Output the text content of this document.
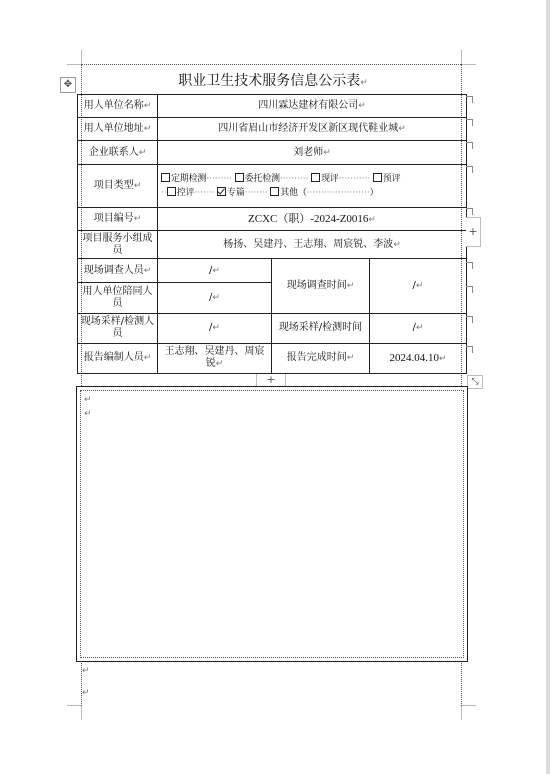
✥	职业卫生技术服务信息公示表↵
用人单位名称↵	四川霖达建材有限公司↵		
用人单位地址↵	四川省眉山市经济开发区新区现代鞋业城↵		
企业联系人↵	刘老师↵		
项目类型↵	定期检测········· 委托检测·········· 现评··········· 预评
·· 控评······· 专篇········ 其他（······················）		

项目编号↵	ZCXC（职）-2024-Z0016↵		
项目服务小组成员	杨扬、吴建丹、王志翔、周宸锐、李波↵		
现场调查人员↵	/↵	现场调查时间↵	/↵
用人单位陪同人员	/↵		
现场采样/检测人员	/↵	现场采样/检测时间	/↵
报告编制人员↵	王志翔、吴建丹、周宸锐↵	报告完成时间↵	2024.04.10↵
+
+	⤡
↵
↵
↵
↵
